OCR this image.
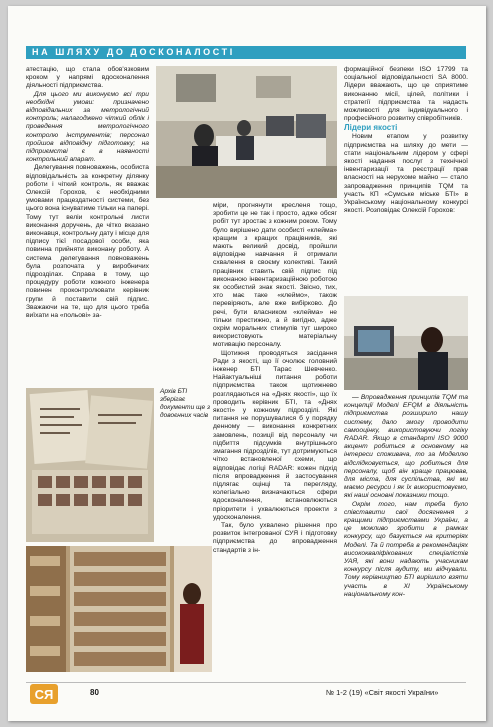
НА ШЛЯХУ ДО ДОСКОНАЛОСТІ

атестацію, що стала обов'язковим кроком у напрямі вдосконалення діяльності підприємства.

Для цього ми виконуємо всі три необхідні умови: призначено відповідальних за метрологічний контроль; налагоджено чіткий облік і проведення метрологічного контролю інструментів; персонал пройшов відповідну підготовку; на підприємстві є в наявності контрольний апарат.

Делегування повноважень, особиста відповідальність за конкретну ділянку роботи і чіткий контроль, як вважає Олексій Горохов, є необхідними умовами працездатності системи, без цього вона існуватиме тільки на папері. Тому тут веліи контрольні листи виконання доручень, де чітко вказано виконавця, контрольну дату і місце для підпису тієї посадової особи, яка повинна прийняти виконану роботу. А система делегування повноважень була розпочата у виробничих підрозділах. Справа в тому, що процедуру роботи кожного інженера повинен проконтролювати керівник групи й поставити свій підпис. Зважаючи на те, що для цього треба виїхати на «польові» за-

міри, прогнянути кресленя тощо, зробити це не так і просто, адже обсяг робіт тут зростає з кожним роком. Тому було вирішено дати особисті «клейма» кращим з кращих працівників, які мають великий досвід, пройшли відповідне навчання й отримали схвалення в своєму колективі. Такий працівник ставить свій підпис під виконаною інвентаризаційною роботою як особистий знак якості. Звісно, тих, хто має таке «клеймо», також перевіряють, але вже вибірково. До речі, бути власником «клейма» не тільки престижно, а й вигідно, адже охрім моральних стимулів тут широко використовують матеріальну мотивацію персоналу.

Щотижня проводяться засідання Ради з якості, що її очолює головний інженер БТІ Тарас Шевченко. Найактуальніші питання роботи підприємства також щотижнево розглядаються на «Днях якості», що їх проводить керівник БТІ, та «Днях якості» у кожному підрозділі. Які питання не порушувалися б у порядку денному — виконання конкретних замовлень, позиції від персоналу чи підбиття підсумків внутрішнього змагання підрозділів, тут дотримуються чітко встановленої схеми, що відповідає логіці RADAR: кожен підхід після впровадження й застосування підлягає оцінці та перегляду, колегіально визначаються сфери вдосконалення, встановлюються пріоритети і ухвалюються проекти з удосконалення.

Так, було ухвалено рішення про розвиток інтегрованої СУЯ і підготовку підприємства до впровадження стандартів з ін-

Архів БТІ зберігає документи ще з довоєнних часів

формаційної безпеки ISO 17799 та соціальної відповідальності SA 8000. Лідери вважають, що це сприятиме виконанню місії, цілей, політики і стратегії підприємства та надасть можливості для індивідуального і професійного розвитку співробітників.

Лідери якості

Новим етапом у розвитку підприємства на шляху до мети — стати національним лідером у сфері якості надання послуг з технічної інвентаризації та реєстрації прав власності на нерухоме майно — стало запровадження принципів TQM та участь КП «Сумське міське БТІ» в Українському національному конкурсі якості. Розповідає Олексій Горохов:

— Впровадження принципів TQM та концепції Моделі EFQM в діяльність підприємства розширило нашу систему, дало змогу проводити самооцінку, використовуючи логіку RADAR. Якщо в стандарті ISO 9000 акцент робиться в основному на інтереси споживача, то за Моделлю відслідковується, що робиться для персоналу, щоб він краще працював, для міста, для суспільства, які ми маємо ресурси і як їх використовуємо, які наші основні показники тощо.

Окрім того, нам треба було співставити свої досягнення з кращими підприємствами України, а це можливо зробити в рамках конкурсу, що базується на критеріях Моделі. Та й потреба в рекомендаціях висококваліфікованих спеціалістів УАЯ, які вони надають учасникам конкурсу після аудиту, ми відчували. Тому керівництво БТІ вирішило взяти участь в XI Українському національному кон-

СЯ	80	№ 1-2 (19) «Світ якості України»
